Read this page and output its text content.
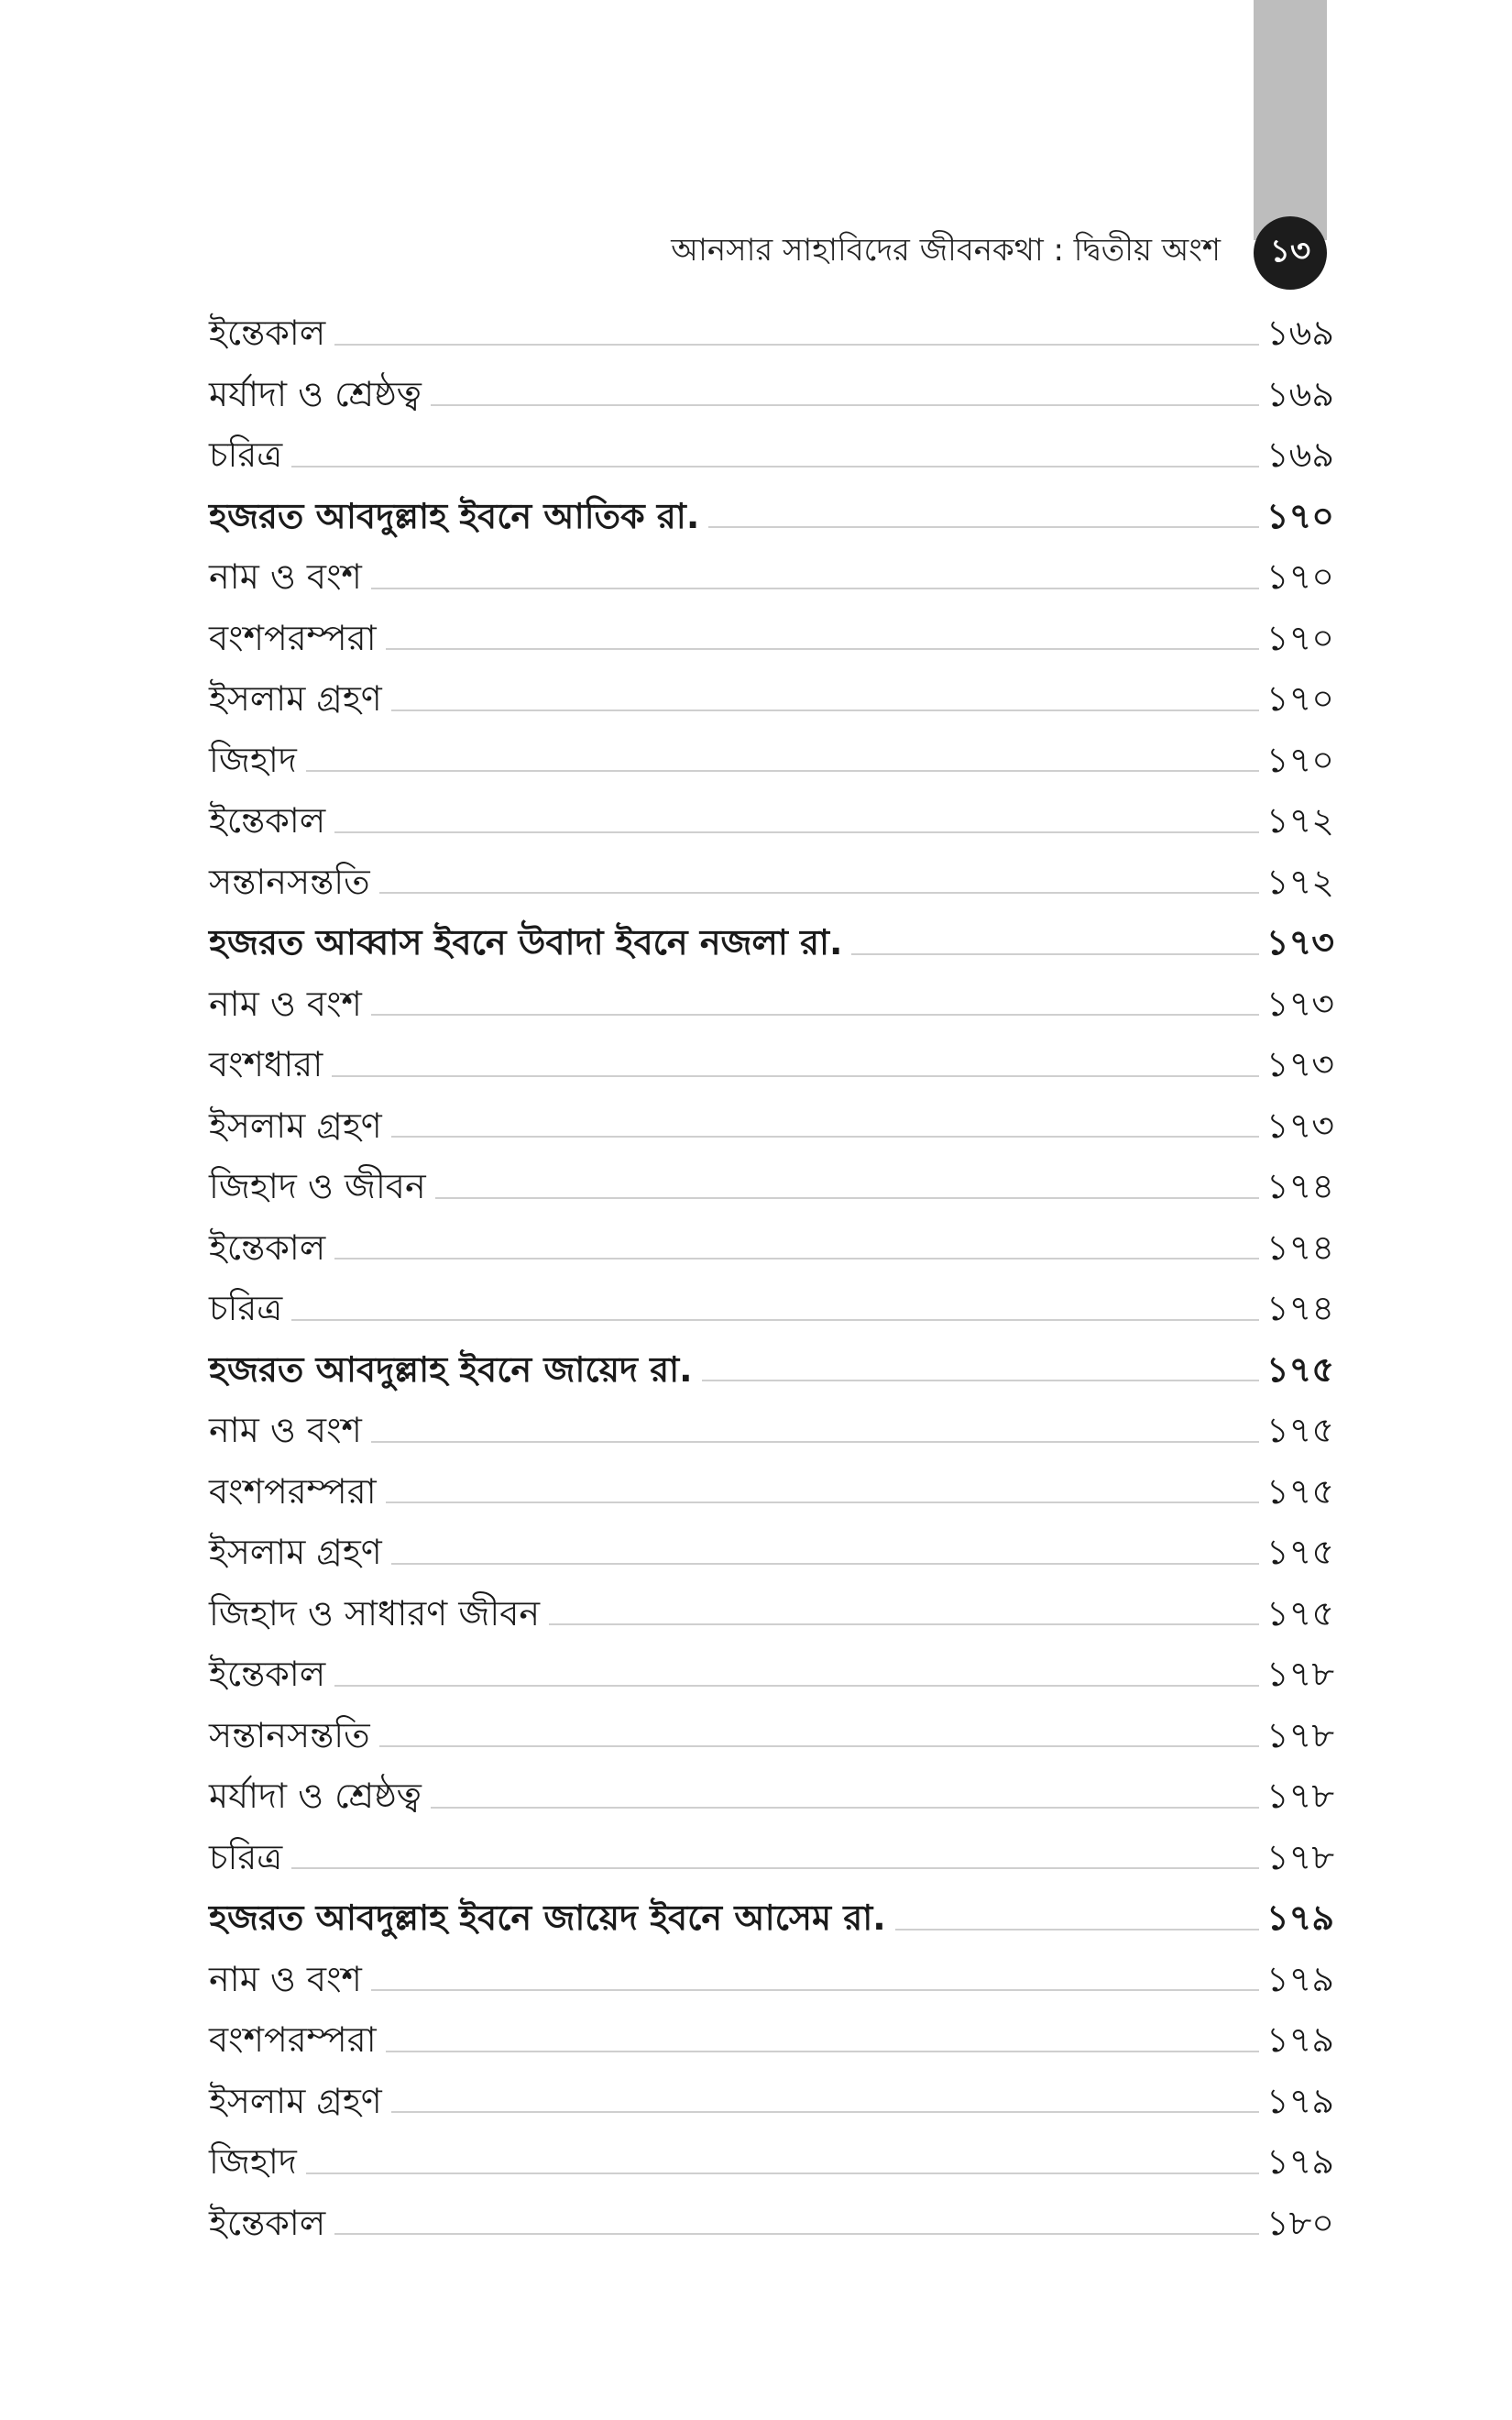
আনসার সাহাবিদের জীবনকথা : দ্বিতীয় অংশ ১৩
ইন্তেকাল	১৬৯
মর্যাদা ও শ্রেষ্ঠত্ব	১৬৯
চরিত্র	১৬৯
হজরত আবদুল্লাহ ইবনে আতিক রা.	১৭০
নাম ও বংশ	১৭০
বংশপরম্পরা	১৭০
ইসলাম গ্রহণ	১৭০
জিহাদ	১৭০
ইন্তেকাল	১৭২
সন্তানসন্ততি	১৭২
হজরত আব্বাস ইবনে উবাদা ইবনে নজলা রা.	১৭৩
নাম ও বংশ	১৭৩
বংশধারা	১৭৩
ইসলাম গ্রহণ	১৭৩
জিহাদ ও জীবন	১৭৪
ইন্তেকাল	১৭৪
চরিত্র	১৭৪
হজরত আবদুল্লাহ ইবনে জায়েদ রা.	১৭৫
নাম ও বংশ	১৭৫
বংশপরম্পরা	১৭৫
ইসলাম গ্রহণ	১৭৫
জিহাদ ও সাধারণ জীবন	১৭৫
ইন্তেকাল	১৭৮
সন্তানসন্ততি	১৭৮
মর্যাদা ও শ্রেষ্ঠত্ব	১৭৮
চরিত্র	১৭৮
হজরত আবদুল্লাহ ইবনে জায়েদ ইবনে আসেম রা.	১৭৯
নাম ও বংশ	১৭৯
বংশপরম্পরা	১৭৯
ইসলাম গ্রহণ	১৭৯
জিহাদ	১৭৯
ইন্তেকাল	১৮০
